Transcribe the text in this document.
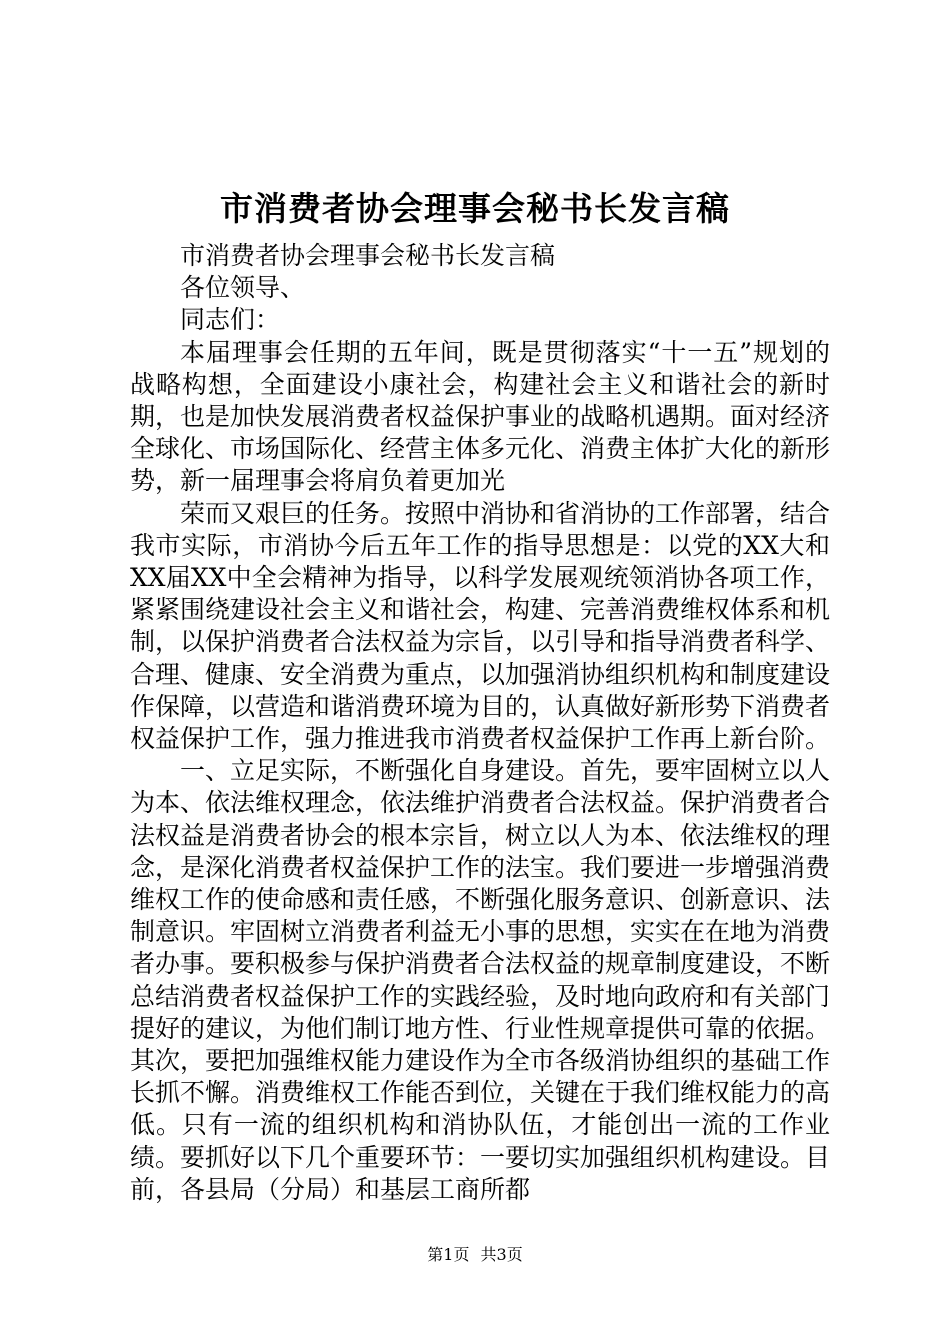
市消费者协会理事会秘书长发言稿

市消费者协会理事会秘书长发言稿

各位领导、

同志们：

本届理事会任期的五年间，既是贯彻落实“十一五”规划的战略构想，全面建设小康社会，构建社会主义和谐社会的新时期，也是加快发展消费者权益保护事业的战略机遇期。面对经济全球化、市场国际化、经营主体多元化、消费主体扩大化的新形势，新一届理事会将肩负着更加光

荣而又艰巨的任务。按照中消协和省消协的工作部署，结合我市实际，市消协今后五年工作的指导思想是：以党的XX大和XX届XX中全会精神为指导，以科学发展观统领消协各项工作，紧紧围绕建设社会主义和谐社会，构建、完善消费维权体系和机制，以保护消费者合法权益为宗旨，以引导和指导消费者科学、合理、健康、安全消费为重点，以加强消协组织机构和制度建设作保障，以营造和谐消费环境为目的，认真做好新形势下消费者权益保护工作，强力推进我市消费者权益保护工作再上新台阶。

一、立足实际，不断强化自身建设。首先，要牢固树立以人为本、依法维权理念，依法维护消费者合法权益。保护消费者合法权益是消费者协会的根本宗旨，树立以人为本、依法维权的理念，是深化消费者权益保护工作的法宝。我们要进一步增强消费维权工作的使命感和责任感，不断强化服务意识、创新意识、法制意识。牢固树立消费者利益无小事的思想，实实在在地为消费者办事。要积极参与保护消费者合法权益的规章制度建设，不断总结消费者权益保护工作的实践经验，及时地向政府和有关部门提好的建议，为他们制订地方性、行业性规章提供可靠的依据。其次，要把加强维权能力建设作为全市各级消协组织的基础工作长抓不懈。消费维权工作能否到位，关键在于我们维权能力的高低。只有一流的组织机构和消协队伍，才能创出一流的工作业绩。要抓好以下几个重要环节：一要切实加强组织机构建设。目前，各县局（分局）和基层工商所都

第1页 共3页
